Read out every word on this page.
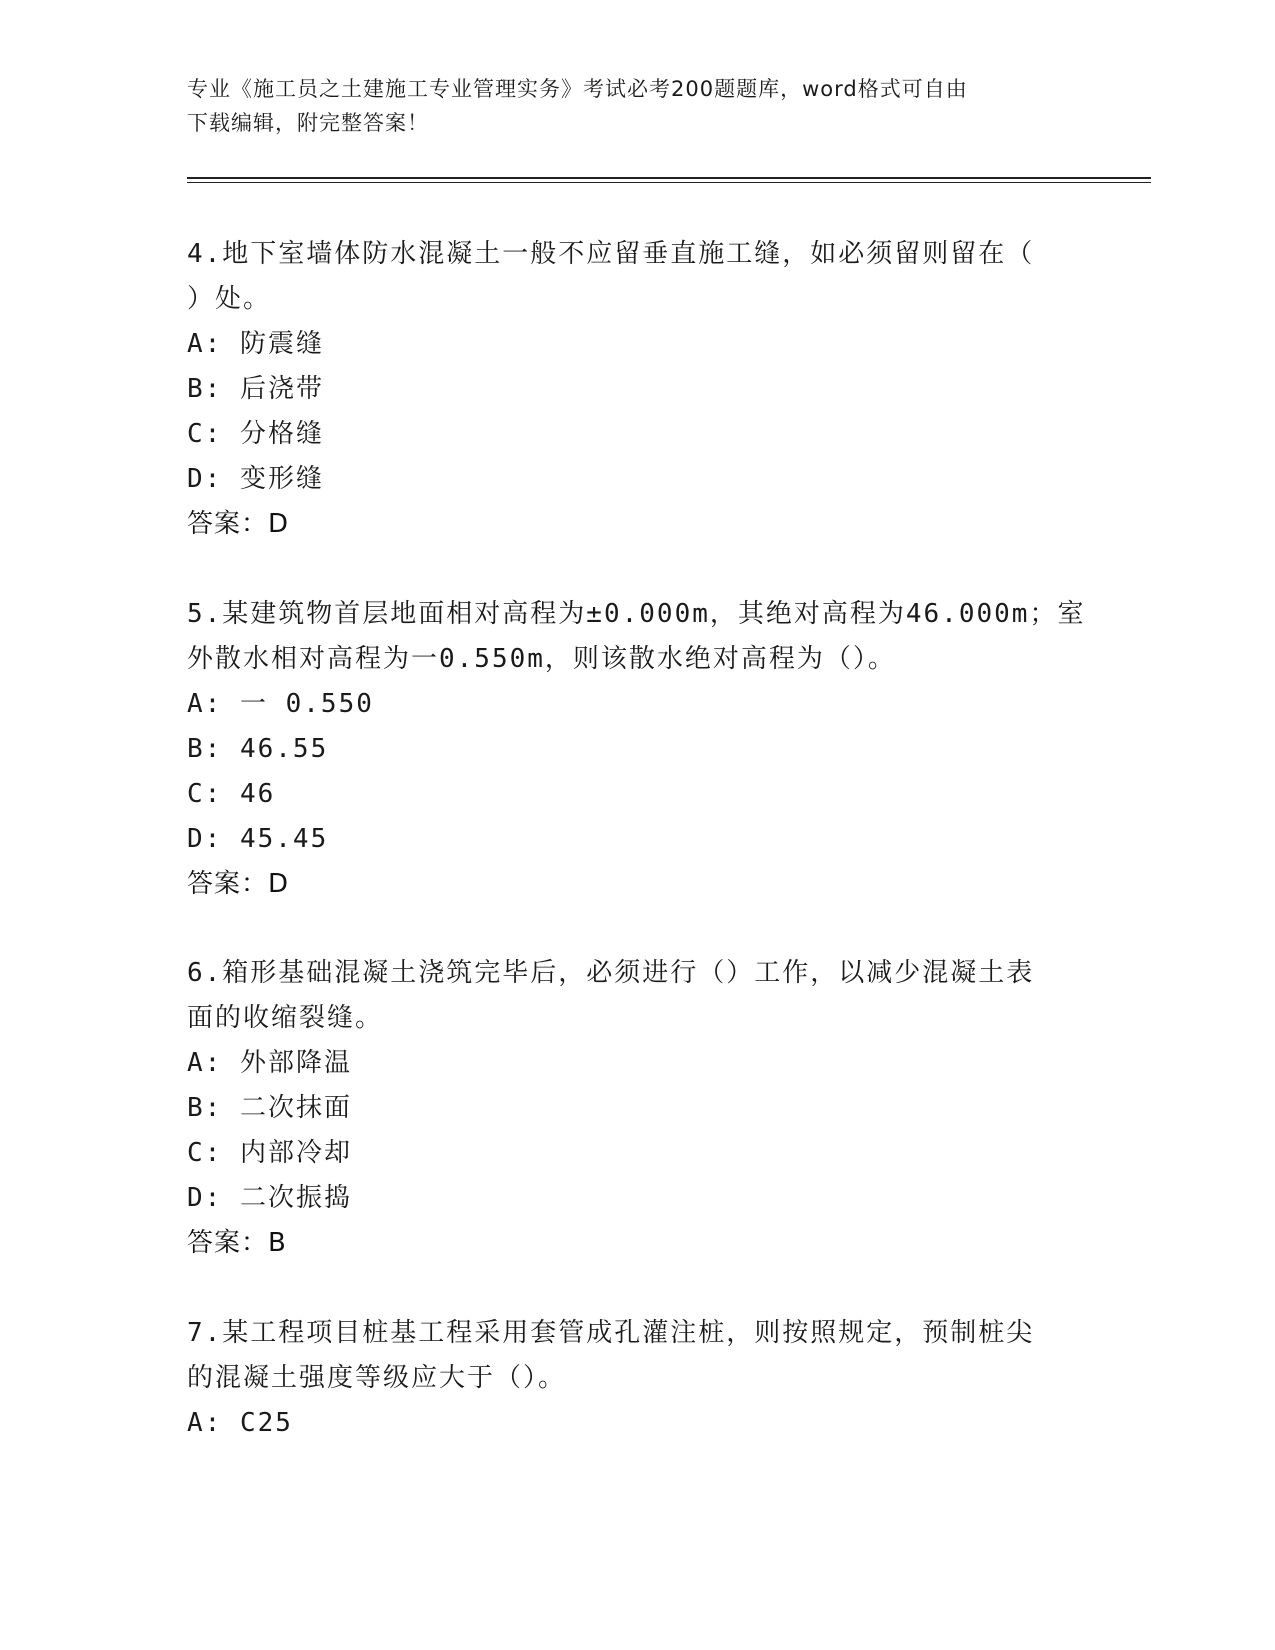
专业《施工员之土建施工专业管理实务》考试必考200题题库，word格式可自由
下载编辑，附完整答案！
4.地下室墙体防水混凝土一般不应留垂直施工缝，如必须留则留在（
）处。
A: 防震缝
B: 后浇带
C: 分格缝
D: 变形缝
答案：D
5.某建筑物首层地面相对高程为±0.000m，其绝对高程为46.000m；室
外散水相对高程为一0.550m，则该散水绝对高程为（）。
A: 一 0.550
B: 46.55
C: 46
D: 45.45
答案：D
6.箱形基础混凝土浇筑完毕后，必须进行（）工作，以减少混凝土表
面的收缩裂缝。
A: 外部降温
B: 二次抹面
C: 内部冷却
D: 二次振捣
答案：B
7.某工程项目桩基工程采用套管成孔灌注桩，则按照规定，预制桩尖
的混凝土强度等级应大于（）。
A: C25
